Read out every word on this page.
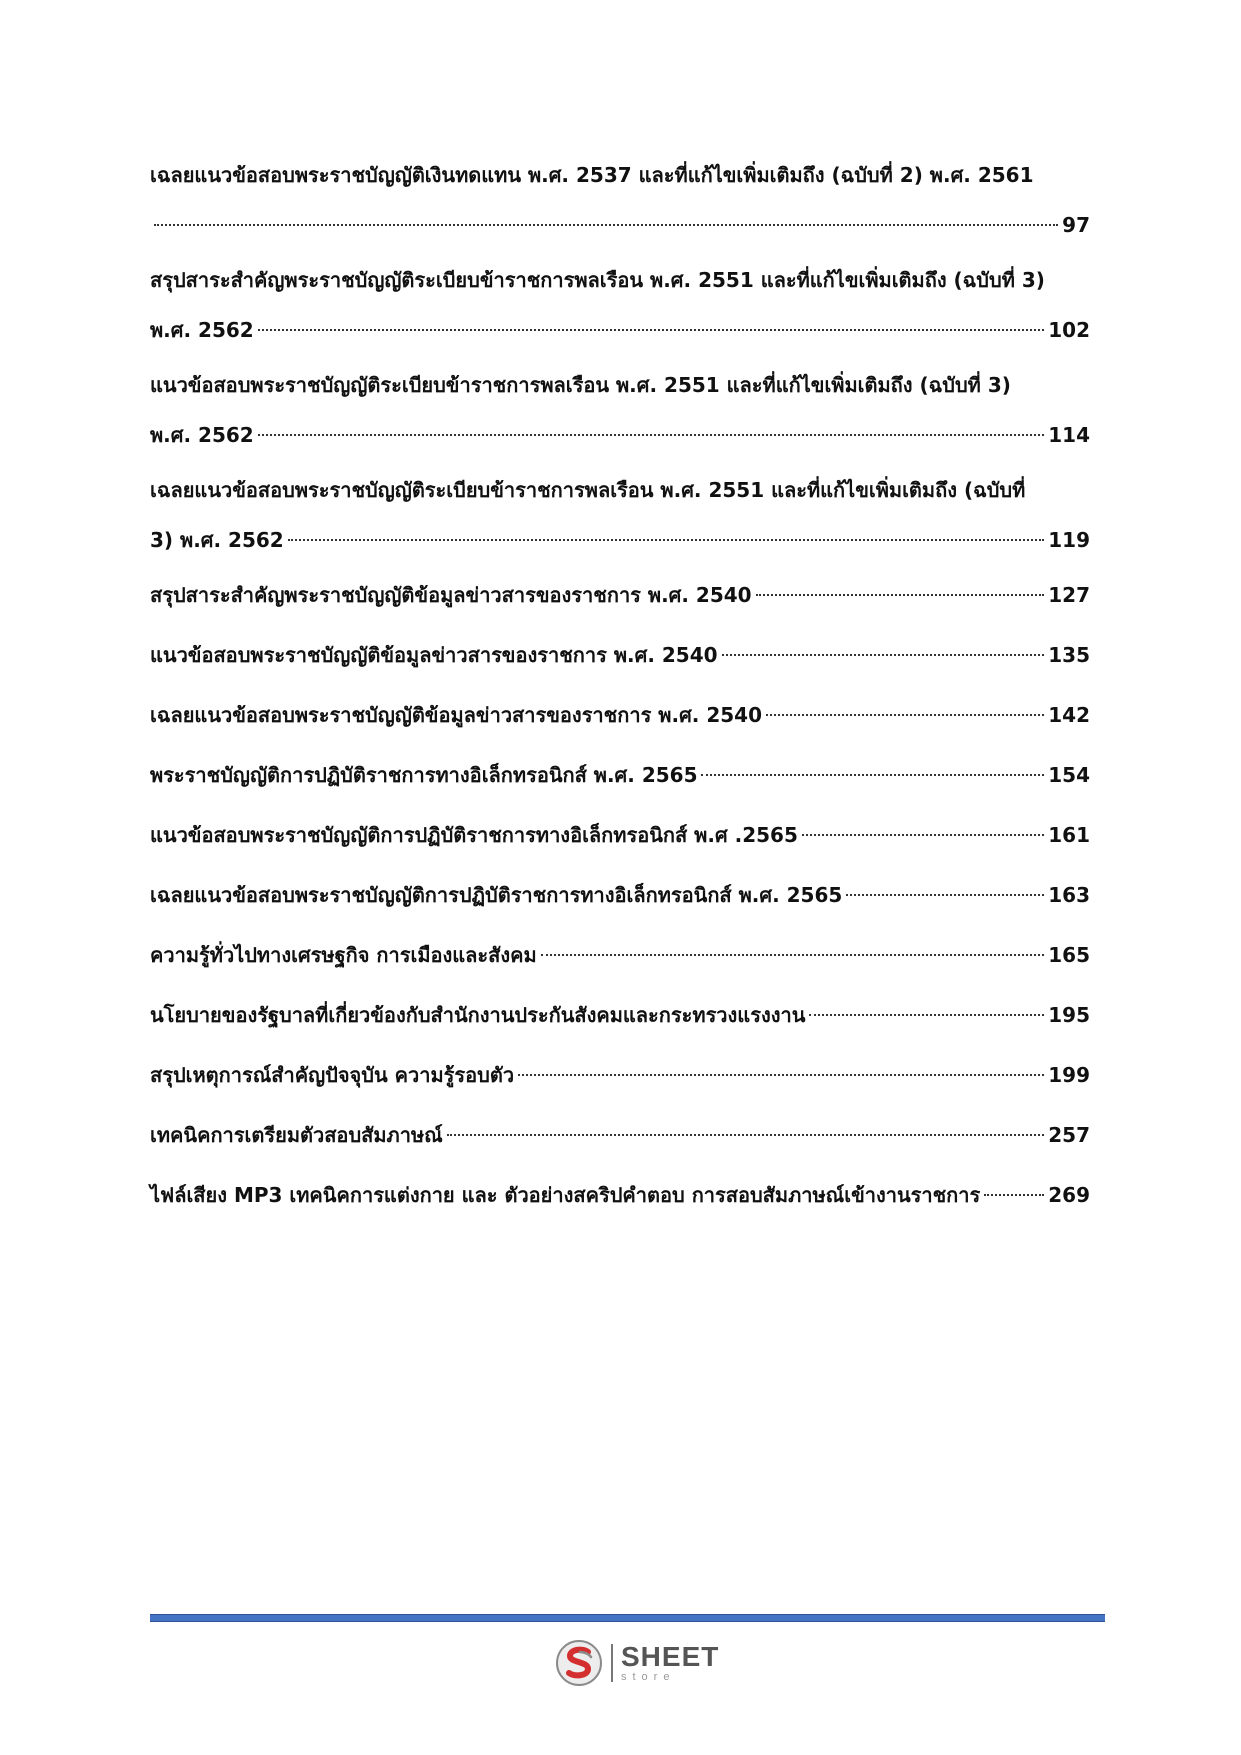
เฉลยแนวข้อสอบพระราชบัญญัติเงินทดแทน พ.ศ. 2537 และที่แก้ไขเพิ่มเติมถึง (ฉบับที่ 2) พ.ศ. 2561
97
สรุปสาระสำคัญพระราชบัญญัติระเบียบข้าราชการพลเรือน พ.ศ. 2551 และที่แก้ไขเพิ่มเติมถึง (ฉบับที่ 3)
พ.ศ. 2562	102
แนวข้อสอบพระราชบัญญัติระเบียบข้าราชการพลเรือน พ.ศ. 2551 และที่แก้ไขเพิ่มเติมถึง (ฉบับที่ 3)
พ.ศ. 2562	114
เฉลยแนวข้อสอบพระราชบัญญัติระเบียบข้าราชการพลเรือน พ.ศ. 2551 และที่แก้ไขเพิ่มเติมถึง (ฉบับที่
3) พ.ศ. 2562	119
สรุปสาระสำคัญพระราชบัญญัติข้อมูลข่าวสารของราชการ พ.ศ. 2540	127
แนวข้อสอบพระราชบัญญัติข้อมูลข่าวสารของราชการ พ.ศ. 2540	135
เฉลยแนวข้อสอบพระราชบัญญัติข้อมูลข่าวสารของราชการ พ.ศ. 2540	142
พระราชบัญญัติการปฏิบัติราชการทางอิเล็กทรอนิกส์ พ.ศ. 2565	154
แนวข้อสอบพระราชบัญญัติการปฏิบัติราชการทางอิเล็กทรอนิกส์ พ.ศ .2565	161
เฉลยแนวข้อสอบพระราชบัญญัติการปฏิบัติราชการทางอิเล็กทรอนิกส์ พ.ศ. 2565	163
ความรู้ทั่วไปทางเศรษฐกิจ การเมืองและสังคม	165
นโยบายของรัฐบาลที่เกี่ยวข้องกับสำนักงานประกันสังคมและกระทรวงแรงงาน	195
สรุปเหตุการณ์สำคัญปัจจุบัน ความรู้รอบตัว	199
เทคนิคการเตรียมตัวสอบสัมภาษณ์	257
ไฟล์เสียง MP3 เทคนิคการแต่งกาย และ ตัวอย่างสคริปคำตอบ การสอบสัมภาษณ์เข้างานราชการ	269
SHEET
store
